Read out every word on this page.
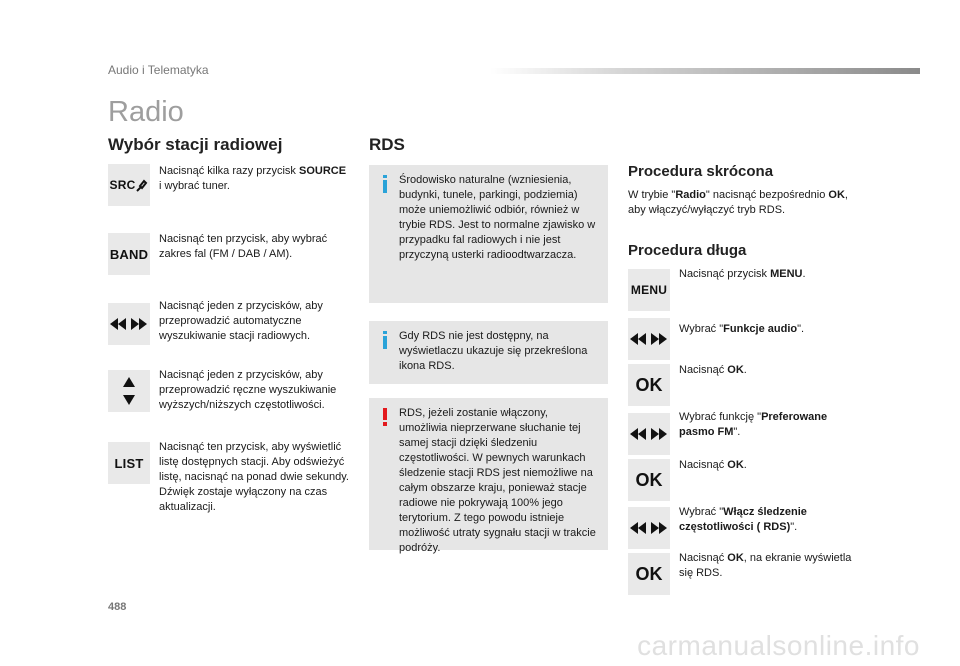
Audio i Telematyka
Radio
Wybór stacji radiowej
SRC
Nacisnąć kilka razy przycisk SOURCE i wybrać tuner.
BAND
Nacisnąć ten przycisk, aby wybrać zakres fal (FM / DAB / AM).
Nacisnąć jeden z przycisków, aby przeprowadzić automatyczne wyszukiwanie stacji radiowych.
Nacisnąć jeden z przycisków, aby przeprowadzić ręczne wyszukiwanie wyższych/niższych częstotliwości.
LIST
Nacisnąć ten przycisk, aby wyświetlić listę dostępnych stacji. Aby odświeżyć listę, nacisnąć na ponad dwie sekundy. Dźwięk zostaje wyłączony na czas aktualizacji.
RDS
Środowisko naturalne (wzniesienia, budynki, tunele, parkingi, podziemia) może uniemożliwić odbiór, również w trybie RDS. Jest to normalne zjawisko w przypadku fal radiowych i nie jest przyczyną usterki radioodtwarzacza.
Gdy RDS nie jest dostępny, na wyświetlaczu ukazuje się przekreślona ikona RDS.
RDS, jeżeli zostanie włączony, umożliwia nieprzerwane słuchanie tej samej stacji dzięki śledzeniu częstotliwości. W pewnych warunkach śledzenie stacji RDS jest niemożliwe na całym obszarze kraju, ponieważ stacje radiowe nie pokrywają 100% jego terytorium. Z tego powodu istnieje możliwość utraty sygnału stacji w trakcie podróży.
Procedura skrócona
W trybie "Radio" nacisnąć bezpośrednio OK, aby włączyć/wyłączyć tryb RDS.
Procedura długa
MENU
Nacisnąć przycisk MENU.
Wybrać "Funkcje audio".
OK
Nacisnąć OK.
Wybrać funkcję "Preferowane pasmo FM".
OK
Nacisnąć OK.
Wybrać "Włącz śledzenie częstotliwości ( RDS)".
OK
Nacisnąć OK, na ekranie wyświetla się RDS.
488
carmanualsonline.info
